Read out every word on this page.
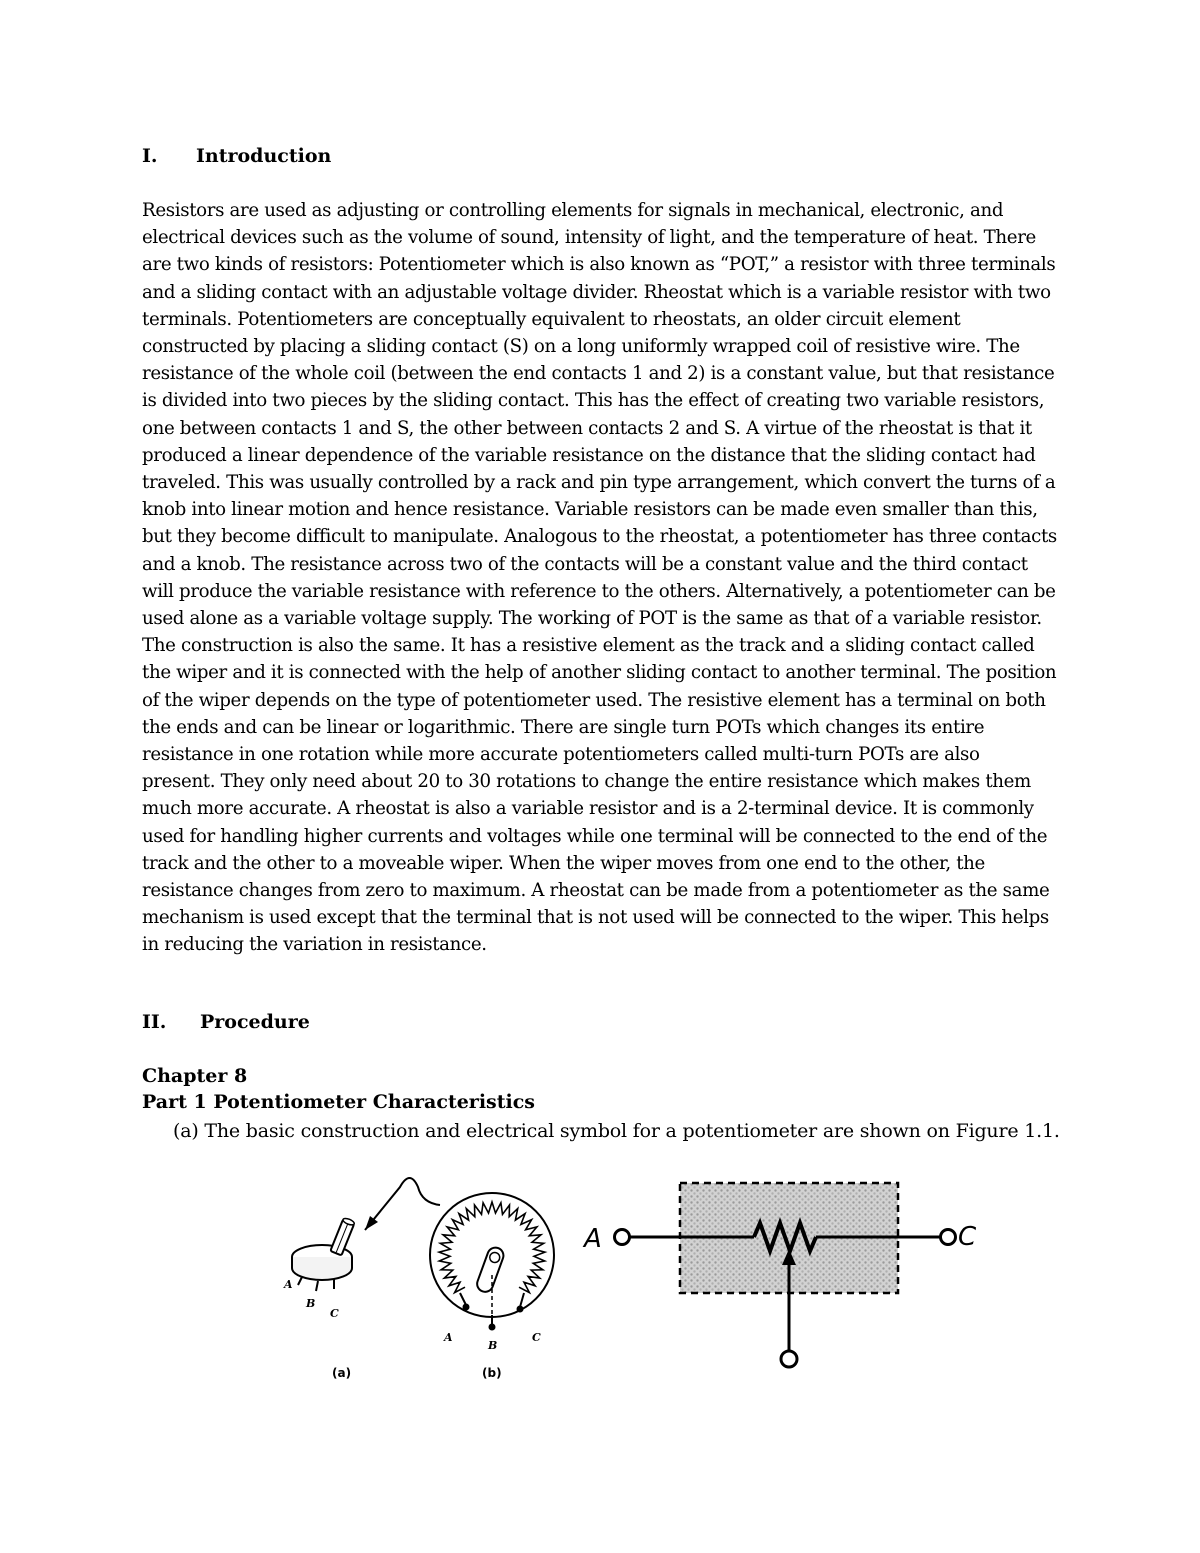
I. Introduction

Resistors are used as adjusting or controlling elements for signals in mechanical, electronic, and electrical devices such as the volume of sound, intensity of light, and the temperature of heat. There are two kinds of resistors: Potentiometer which is also known as “POT,” a resistor with three terminals and a sliding contact with an adjustable voltage divider. Rheostat which is a variable resistor with two terminals. Potentiometers are conceptually equivalent to rheostats, an older circuit element constructed by placing a sliding contact (S) on a long uniformly wrapped coil of resistive wire. The resistance of the whole coil (between the end contacts 1 and 2) is a constant value, but that resistance is divided into two pieces by the sliding contact. This has the effect of creating two variable resistors, one between contacts 1 and S, the other between contacts 2 and S. A virtue of the rheostat is that it produced a linear dependence of the variable resistance on the distance that the sliding contact had traveled. This was usually controlled by a rack and pin type arrangement, which convert the turns of a knob into linear motion and hence resistance. Variable resistors can be made even smaller than this, but they become difficult to manipulate. Analogous to the rheostat, a potentiometer has three contacts and a knob. The resistance across two of the contacts will be a constant value and the third contact will produce the variable resistance with reference to the others. Alternatively, a potentiometer can be used alone as a variable voltage supply. The working of POT is the same as that of a variable resistor. The construction is also the same. It has a resistive element as the track and a sliding contact called the wiper and it is connected with the help of another sliding contact to another terminal. The position of the wiper depends on the type of potentiometer used. The resistive element has a terminal on both the ends and can be linear or logarithmic. There are single turn POTs which changes its entire resistance in one rotation while more accurate potentiometers called multi-turn POTs are also present. They only need about 20 to 30 rotations to change the entire resistance which makes them much more accurate. A rheostat is also a variable resistor and is a 2-terminal device. It is commonly used for handling higher currents and voltages while one terminal will be connected to the end of the track and the other to a moveable wiper. When the wiper moves from one end to the other, the resistance changes from zero to maximum. A rheostat can be made from a potentiometer as the same mechanism is used except that the terminal that is not used will be connected to the wiper. This helps in reducing the variation in resistance.

II. Procedure
Chapter 8
Part 1 Potentiometer Characteristics
(a) The basic construction and electrical symbol for a potentiometer are shown on Figure 1.1.
A
B
C
(a)
A
B
C
(b)
A	C
